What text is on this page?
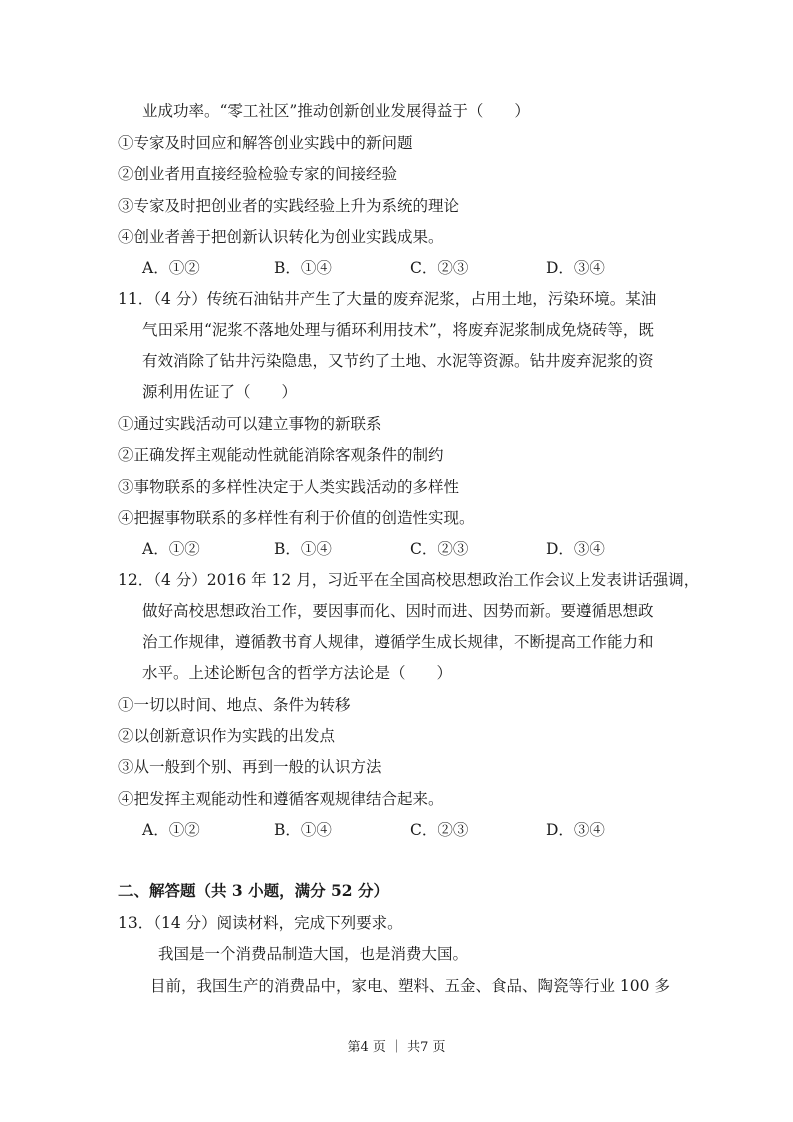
业成功率。“零工社区”推动创新创业发展得益于（　　）
①专家及时回应和解答创业实践中的新问题
②创业者用直接经验检验专家的间接经验
③专家及时把创业者的实践经验上升为系统的理论
④创业者善于把创新认识转化为创业实践成果。
A．①②	B．①④	C．②③	D．③④
11．（4 分）传统石油钻井产生了大量的废弃泥浆，占用土地，污染环境。某油
气田采用“泥浆不落地处理与循环利用技术”，将废弃泥浆制成免烧砖等，既
有效消除了钻井污染隐患，又节约了土地、水泥等资源。钻井废弃泥浆的资
源利用佐证了（　　）
①通过实践活动可以建立事物的新联系
②正确发挥主观能动性就能消除客观条件的制约
③事物联系的多样性决定于人类实践活动的多样性
④把握事物联系的多样性有利于价值的创造性实现。
A．①②	B．①④	C．②③	D．③④
12．（4 分）2016 年 12 月，习近平在全国高校思想政治工作会议上发表讲话强调，
做好高校思想政治工作，要因事而化、因时而进、因势而新。要遵循思想政
治工作规律，遵循教书育人规律，遵循学生成长规律，不断提高工作能力和
水平。上述论断包含的哲学方法论是（　　）
①一切以时间、地点、条件为转移
②以创新意识作为实践的出发点
③从一般到个别、再到一般的认识方法
④把发挥主观能动性和遵循客观规律结合起来。
A．①②	B．①④	C．②③	D．③④
二、解答题（共 3 小题，满分 52 分）
13．（14 分）阅读材料，完成下列要求。
我国是一个消费品制造大国，也是消费大国。
目前，我国生产的消费品中，家电、塑料、五金、食品、陶瓷等行业 100 多
第4 页 ｜ 共7 页
